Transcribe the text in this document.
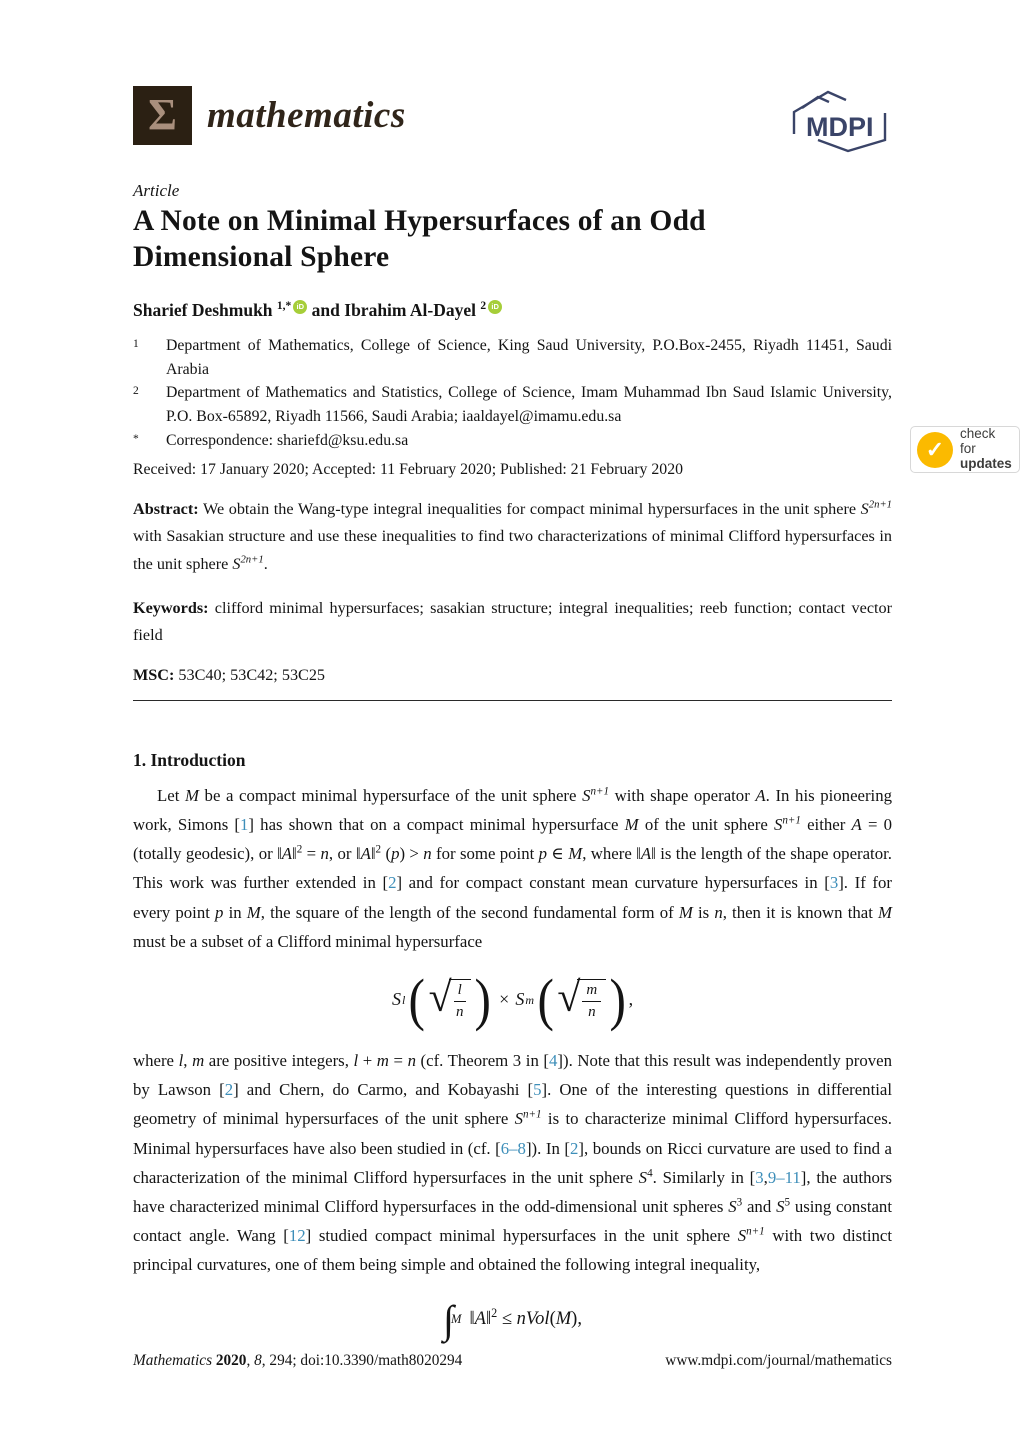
Σ mathematics	MDPI
Article
A Note on Minimal Hypersurfaces of an Odd Dimensional Sphere
Sharief Deshmukh $^{1,*}$ iD and Ibrahim Al-Dayel $^2$ iD
1	Department of Mathematics, College of Science, King Saud University, P.O.Box-2455, Riyadh 11451, Saudi Arabia
2	Department of Mathematics and Statistics, College of Science, Imam Muhammad Ibn Saud Islamic University, P.O. Box-65892, Riyadh 11566, Saudi Arabia; iaaldayel@imamu.edu.sa
*	Correspondence: shariefd@ksu.edu.sa
Received: 17 January 2020; Accepted: 11 February 2020; Published: 21 February 2020

Abstract: We obtain the Wang-type integral inequalities for compact minimal hypersurfaces in the unit sphere $S^{2n+1}$ with Sasakian structure and use these inequalities to find two characterizations of minimal Clifford hypersurfaces in the unit sphere $S^{2n+1}$.

Keywords: clifford minimal hypersurfaces; sasakian structure; integral inequalities; reeb function; contact vector field

MSC: 53C40; 53C42; 53C25

1. Introduction

Let M be a compact minimal hypersurface of the unit sphere $S^{n+1}$ with shape operator A. In his pioneering work, Simons [1] has shown that on a compact minimal hypersurface M of the unit sphere $S^{n+1}$ either A = 0 (totally geodesic), or ‖A‖$^2$ = n, or ‖A‖$^2$ (p) > n for some point p ∈ M, where ‖A‖ is the length of the shape operator. This work was further extended in [2] and for compact constant mean curvature hypersurfaces in [3]. If for every point p in M, the square of the length of the second fundamental form of M is n, then it is known that M must be a subset of a Clifford minimal hypersurface

S l ( √
$\frac{l}{n}$ ) × S m ( √
$\frac{m}{n}$ ) ,

where l, m are positive integers, l + m = n (cf. Theorem 3 in [4]). Note that this result was independently proven by Lawson [2] and Chern, do Carmo, and Kobayashi [5]. One of the interesting questions in differential geometry of minimal hypersurfaces of the unit sphere $S^{n+1}$ is to characterize minimal Clifford hypersurfaces. Minimal hypersurfaces have also been studied in (cf. [6–8]). In [2], bounds on Ricci curvature are used to find a characterization of the minimal Clifford hypersurfaces in the unit sphere $S^4$. Similarly in [3,9–11], the authors have characterized minimal Clifford hypersurfaces in the odd-dimensional unit spheres $S^3$ and $S^5$ using constant contact angle. Wang [12] studied compact minimal hypersurfaces in the unit sphere $S^{n+1}$ with two distinct principal curvatures, one of them being simple and obtained the following integral inequality,

∫
M ‖A‖$^2$ ≤ nVol(M),
✓
check for
updates
Mathematics 2020, 8, 294; doi:10.3390/math8020294	www.mdpi.com/journal/mathematics
